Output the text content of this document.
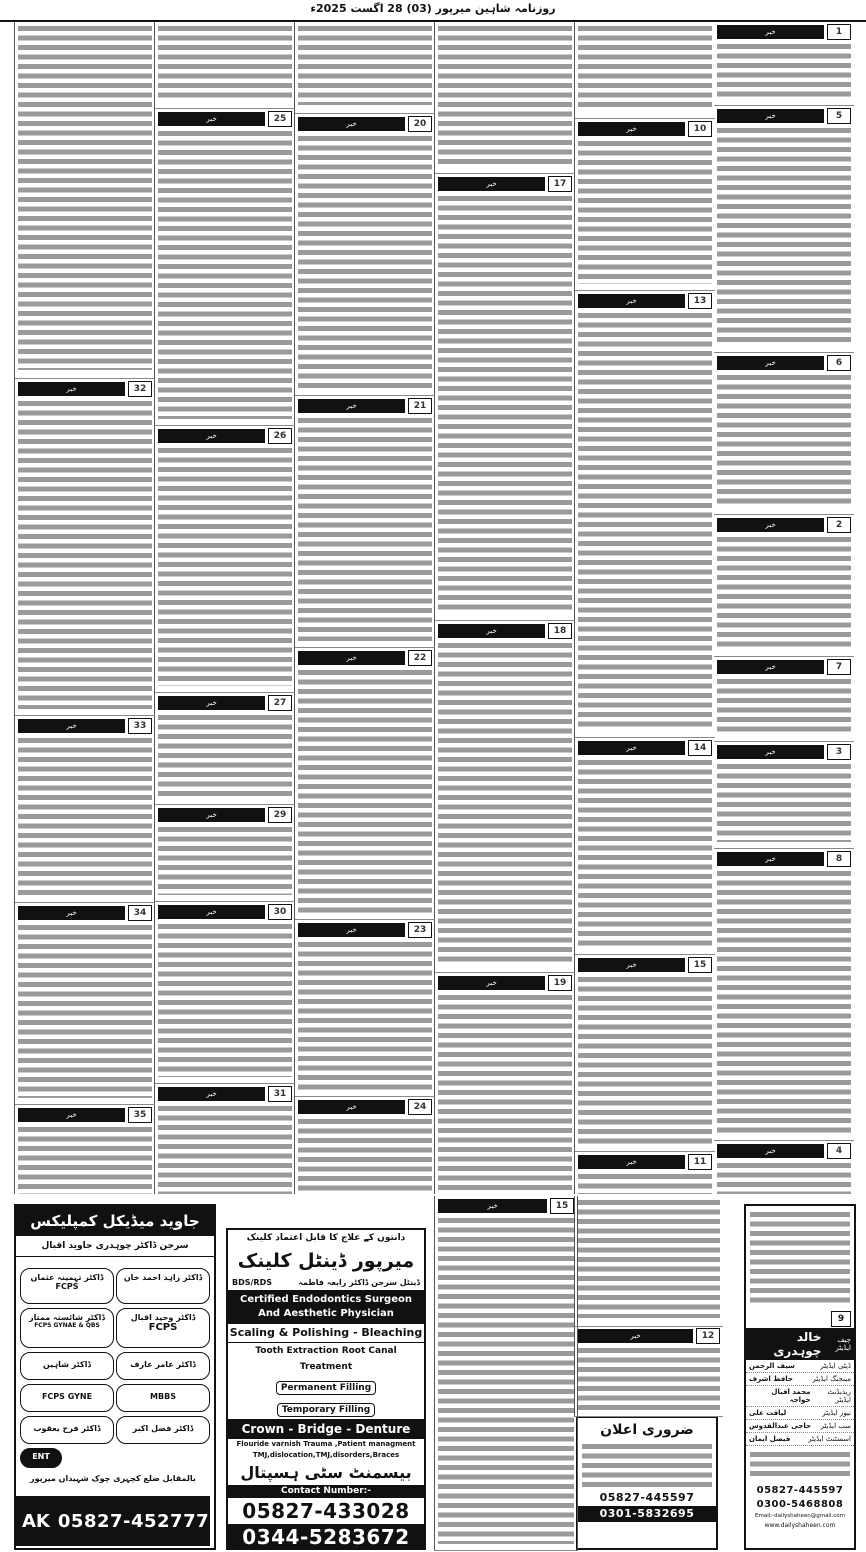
روزنامہ شاہین میرپور (03) 28 اگست 2025ء
1
خبر
5
خبر
6
خبر
2
خبر
7
خبر
3
خبر
8
خبر
4
خبر
10
خبر
13
خبر
14
خبر
15
خبر
11
خبر
17
خبر
18
خبر
19
خبر
20
خبر
21
خبر
22
خبر
23
خبر
24
خبر
25
خبر
26
خبر
27
خبر
29
خبر
30
خبر
31
خبر
32
خبر
33
خبر
34
خبر
35
خبر
جاوید میڈیکل کمپلیکس
سرجن ڈاکٹر چوہدری جاوید اقبال
ڈاکٹر زاہد احمد خان
ڈاکٹر تہمینہ عثمان
FCPS
ڈاکٹر وحید اقبال
FCPS
ڈاکٹر شائستہ ممتاز
FCPS GYNAE & QBS
ڈاکٹر عامر عارف
ڈاکٹر شاہین
MBBS
FCPS GYNE
ڈاکٹر فضل اکبر
ڈاکٹر فرح یعقوب
ENT
بالمقابل ضلع کچہری چوک شہیداں میرپور
AK 05827-452777
دانتوں کے علاج کا قابل اعتماد کلینک
میرپور ڈینٹل کلینک
BDS/RDS	ڈینٹل سرجن ڈاکٹر رابعہ فاطمہ
Certified Endodontics Surgeon And Aesthetic Physician
Scaling & Polishing - Bleaching
Tooth Extraction Root Canal Treatment
Permanent Filling Temporary Filling
Crown - Bridge - Denture
Flouride varnish Trauma ,Patient managment
TMJ,dislocation,TMJ,disorders,Braces
بیسمنٹ سٹی ہسپتال
Contact Number:-
05827-433028
0344-5283672
ضروری اعلان
05827-445597
0301-5832695
12
خبر
15
خبر
9
چیف ایڈیٹر
خالد چوہدری
ڈپٹی ایڈیٹر
سیف الرحمن
مینجنگ ایڈیٹر
حافظ اشرف
ریذیڈنٹ ایڈیٹر
محمد اقبال خواجہ
نیوز ایڈیٹر
لیاقت علی
سب ایڈیٹر
حاجی عبدالقدوس
اسسٹنٹ ایڈیٹر
فیصل ایمان
05827-445597
0300-5468808
Email:-dailyshaheen@gmail.com
www.dailyshaheen.com
